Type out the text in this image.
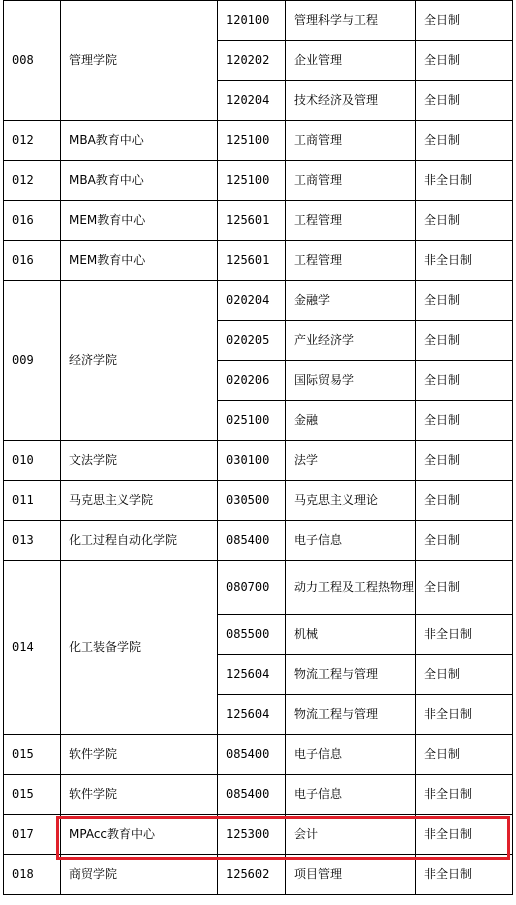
008	管理学院	120100	管理科学与工程	全日制
		120202	企业管理	全日制
		120204	技术经济及管理	全日制
012	MBA教育中心	125100	工商管理	全日制
012	MBA教育中心	125100	工商管理	非全日制
016	MEM教育中心	125601	工程管理	全日制
016	MEM教育中心	125601	工程管理	非全日制
009	经济学院	020204	金融学	全日制
		020205	产业经济学	全日制
		020206	国际贸易学	全日制
		025100	金融	全日制
010	文法学院	030100	法学	全日制
011	马克思主义学院	030500	马克思主义理论	全日制
013	化工过程自动化学院	085400	电子信息	全日制
014	化工装备学院	080700	动力工程及工程热物理	全日制
		085500	机械	非全日制
		125604	物流工程与管理	全日制
		125604	物流工程与管理	非全日制
015	软件学院	085400	电子信息	全日制
015	软件学院	085400	电子信息	非全日制
017	MPAcc教育中心	125300	会计	非全日制
018	商贸学院	125602	项目管理	非全日制
